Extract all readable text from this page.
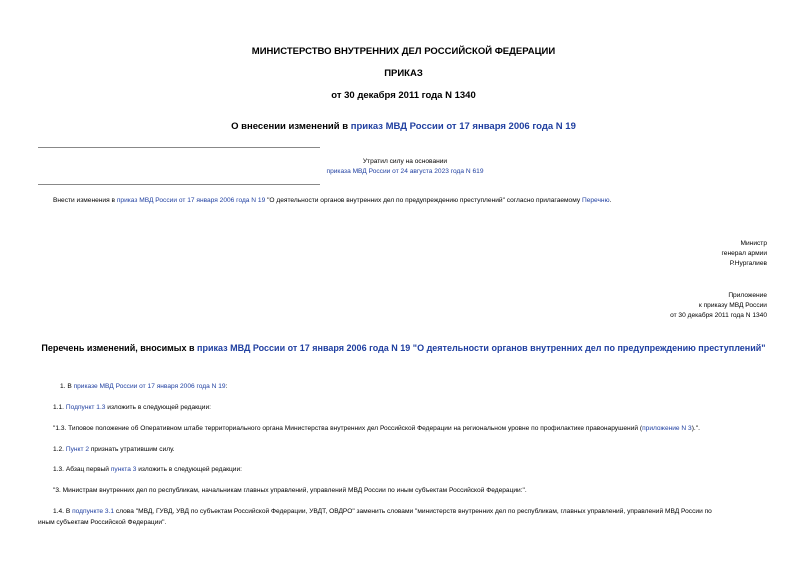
МИНИСТЕРСТВО ВНУТРЕННИХ ДЕЛ РОССИЙСКОЙ ФЕДЕРАЦИИ
ПРИКАЗ
от 30 декабря 2011 года N 1340
О внесении изменений в приказ МВД России от 17 января 2006 года N 19
Утратил силу на основании
приказа МВД России от 24 августа 2023 года N 619
Внести изменения в приказ МВД России от 17 января 2006 года N 19 "О деятельности органов внутренних дел по предупреждению преступлений" согласно прилагаемому Перечню.
Министр
генерал армии
Р.Нургалиев
Приложение
к приказу МВД России
от 30 декабря 2011 года N 1340
Перечень изменений, вносимых в приказ МВД России от 17 января 2006 года N 19 "О деятельности органов внутренних дел по предупреждению преступлений"
1. В приказе МВД России от 17 января 2006 года N 19:
1.1. Подпункт 1.3 изложить в следующей редакции:
"1.3. Типовое положение об Оперативном штабе территориального органа Министерства внутренних дел Российской Федерации на региональном уровне по профилактике правонарушений (приложение N 3).".
1.2. Пункт 2 признать утратившим силу.
1.3. Абзац первый пункта 3 изложить в следующей редакции:
"3. Министрам внутренних дел по республикам, начальникам главных управлений, управлений МВД России по иным субъектам Российской Федерации:".
1.4. В подпункте 3.1 слова "МВД, ГУВД, УВД по субъектам Российской Федерации, УВДТ, ОВДРО" заменить словами "министерств внутренних дел по республикам, главных управлений, управлений МВД России по
иным субъектам Российской Федерации".
